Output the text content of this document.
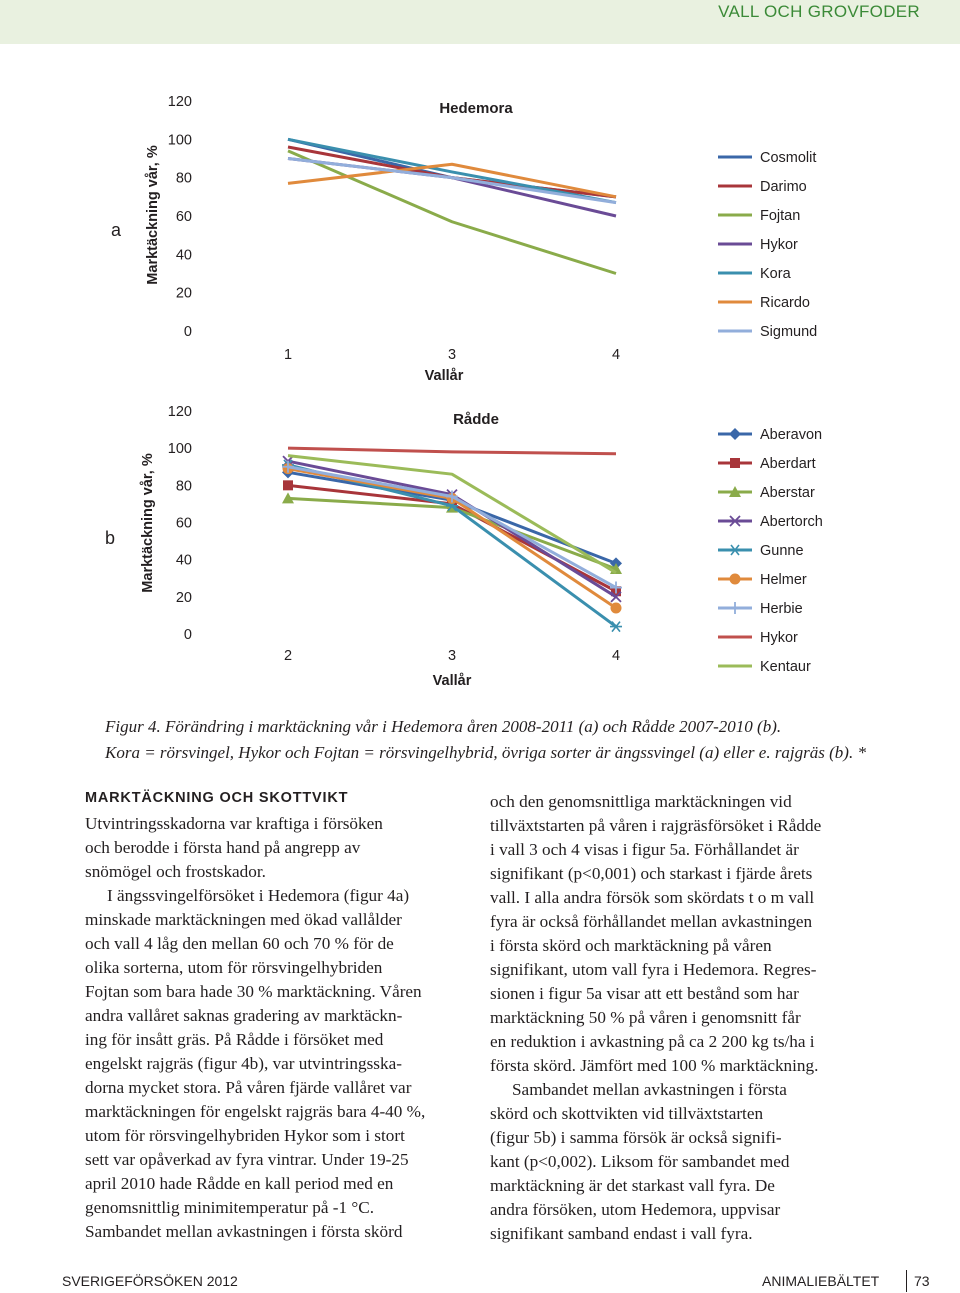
VALL OCH GROVFODER
a
b
Hedemora
Marktäckning vår, %
Vallår
0
20
40
60
80
100
120
1	3	4
Cosmolit
Darimo
Fojtan
Hykor
Kora
Ricardo
Sigmund
Rådde
Marktäckning vår, %
Vallår
0
20
40
60
80
100
120
2	3	4
Aberavon
Aberdart
Aberstar
Abertorch
Gunne
Helmer
Herbie
Hykor
Kentaur
Figur 4. Förändring i marktäckning vår i Hedemora åren 2008-2011 (a) och Rådde 2007-2010 (b).
Kora = rörsvingel, Hykor och Fojtan = rörsvingelhybrid, övriga sorter är ängssvingel (a) eller e. rajgräs (b). *
MARKTÄCKNING OCH SKOTTVIKT

Utvintringsskadorna var kraftiga i försöken

och berodde i första hand på angrepp av

snömögel och frostskador.

I ängssvingelförsöket i Hedemora (figur 4a)

minskade marktäckningen med ökad vallålder

och vall 4 låg den mellan 60 och 70 % för de

olika sorterna, utom för rörsvingelhybriden

Fojtan som bara hade 30 % marktäckning. Våren

andra vallåret saknas gradering av marktäckn-

ing för insått gräs. På Rådde i försöket med

engelskt rajgräs (figur 4b), var utvintringsska-

dorna mycket stora. På våren fjärde vallåret var

marktäckningen för engelskt rajgräs bara 4-40 %,

utom för rörsvingelhybriden Hykor som i stort

sett var opåverkad av fyra vintrar. Under 19-25

april 2010 hade Rådde en kall period med en

genomsnittlig minimitemperatur på -1 °C.

Sambandet mellan avkastningen i första skörd

och den genomsnittliga marktäckningen vid

tillväxtstarten på våren i rajgräsförsöket i Rådde

i vall 3 och 4 visas i figur 5a. Förhållandet är

signifikant (p<0,001) och starkast i fjärde årets

vall. I alla andra försök som skördats t o m vall

fyra är också förhållandet mellan avkastningen

i första skörd och marktäckning på våren

signifikant, utom vall fyra i Hedemora. Regres-

sionen i figur 5a visar att ett bestånd som har

marktäckning 50 % på våren i genomsnitt får

en reduktion i avkastning på ca 2 200 kg ts/ha i

första skörd. Jämfört med 100 % marktäckning.

Sambandet mellan avkastningen i första

skörd och skottvikten vid tillväxtstarten

(figur 5b) i samma försök är också signifi-

kant (p<0,002). Liksom för sambandet med

marktäckning är det starkast vall fyra. De

andra försöken, utom Hedemora, uppvisar

signifikant samband endast i vall fyra.

SVERIGEFÖRSÖKEN 2012	ANIMALIEBÄLTET 73
